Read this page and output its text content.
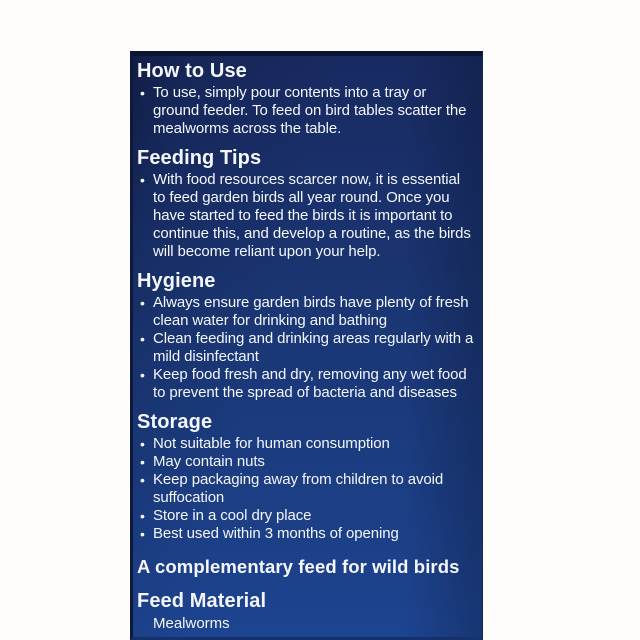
How to Use
• To use, simply pour contents into a tray or ground feeder. To feed on bird tables scatter the mealworms across the table.
Feeding Tips
• With food resources scarcer now, it is essential to feed garden birds all year round. Once you have started to feed the birds it is important to continue this, and develop a routine, as the birds will become reliant upon your help.
Hygiene
• Always ensure garden birds have plenty of fresh clean water for drinking and bathing
• Clean feeding and drinking areas regularly with a mild disinfectant
• Keep food fresh and dry, removing any wet food to prevent the spread of bacteria and diseases
Storage
• Not suitable for human consumption
• May contain nuts
• Keep packaging away from children to avoid suffocation
• Store in a cool dry place
• Best used within 3 months of opening
A complementary feed for wild birds
Feed Material
Mealworms
